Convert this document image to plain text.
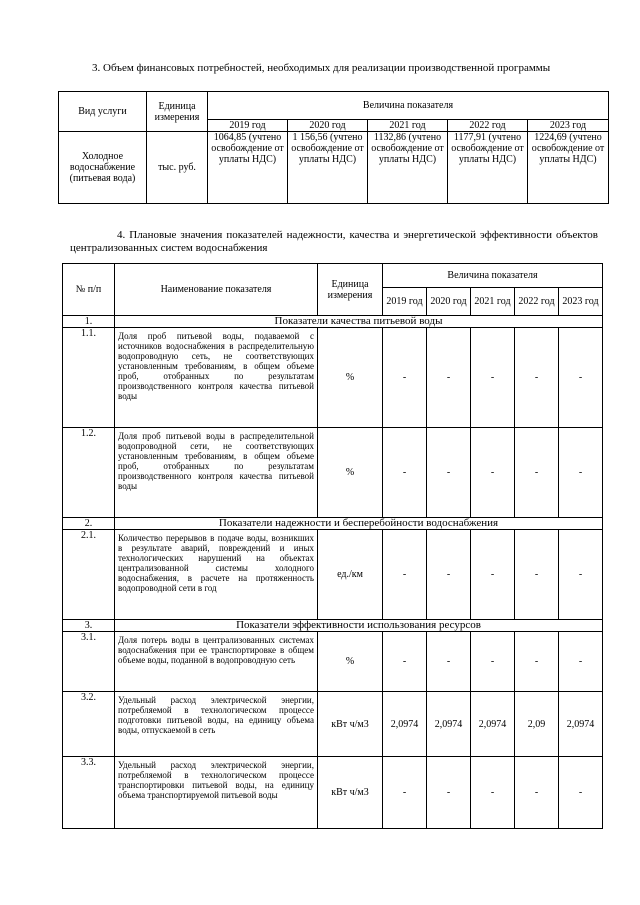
3. Объем финансовых потребностей, необходимых для реализации производственной программы
Вид услуги	Единица измерения	Величина показателя				
		2019 год	2020 год	2021 год	2022 год	2023 год
Холодное водоснабжение (питьевая вода)	тыс. руб.	1064,85 (учтено освобождение от уплаты НДС)	1 156,56 (учтено освобождение от уплаты НДС)	1132,86 (учтено освобождение от уплаты НДС)	1177,91 (учтено освобождение от уплаты НДС)	1224,69 (учтено освобождение от уплаты НДС)
4. Плановые значения показателей надежности, качества и энергетической эффективности объектов централизованных систем водоснабжения
№ п/п	Наименование показателя	Единица измерения	Величина показателя				
			2019 год	2020 год	2021 год	2022 год	2023 год
1.	Показатели качества питьевой воды						
1.1.	Доля проб питьевой воды, подаваемой с источников водоснабжения в распределительную водопроводную сеть, не соответствующих установленным требованиям, в общем объеме проб, отобранных по результатам производственного контроля качества питьевой воды	%	-	-	-	-	-
1.2.	Доля проб питьевой воды в распределительной водопроводной сети, не соответствующих установленным требованиям, в общем объеме проб, отобранных по результатам производственного контроля качества питьевой воды	%	-	-	-	-	-
2.	Показатели надежности и бесперебойности водоснабжения						
2.1.	Количество перерывов в подаче воды, возникших в результате аварий, повреждений и иных технологических нарушений на объектах централизованной системы холодного водоснабжения, в расчете на протяженность водопроводной сети в год	ед./км	-	-	-	-	-
3.	Показатели эффективности использования ресурсов						
3.1.	Доля потерь воды в централизованных системах водоснабжения при ее транспортировке в общем объеме воды, поданной в водопроводную сеть	%	-	-	-	-	-
3.2.	Удельный расход электрической энергии, потребляемой в технологическом процессе подготовки питьевой воды, на единицу объема воды, отпускаемой в сеть	кВт ч/м3	2,0974	2,0974	2,0974	2,09	2,0974
3.3.	Удельный расход электрической энергии, потребляемой в технологическом процессе транспортировки питьевой воды, на единицу объема транспортируемой питьевой воды	кВт ч/м3	-	-	-	-	-
